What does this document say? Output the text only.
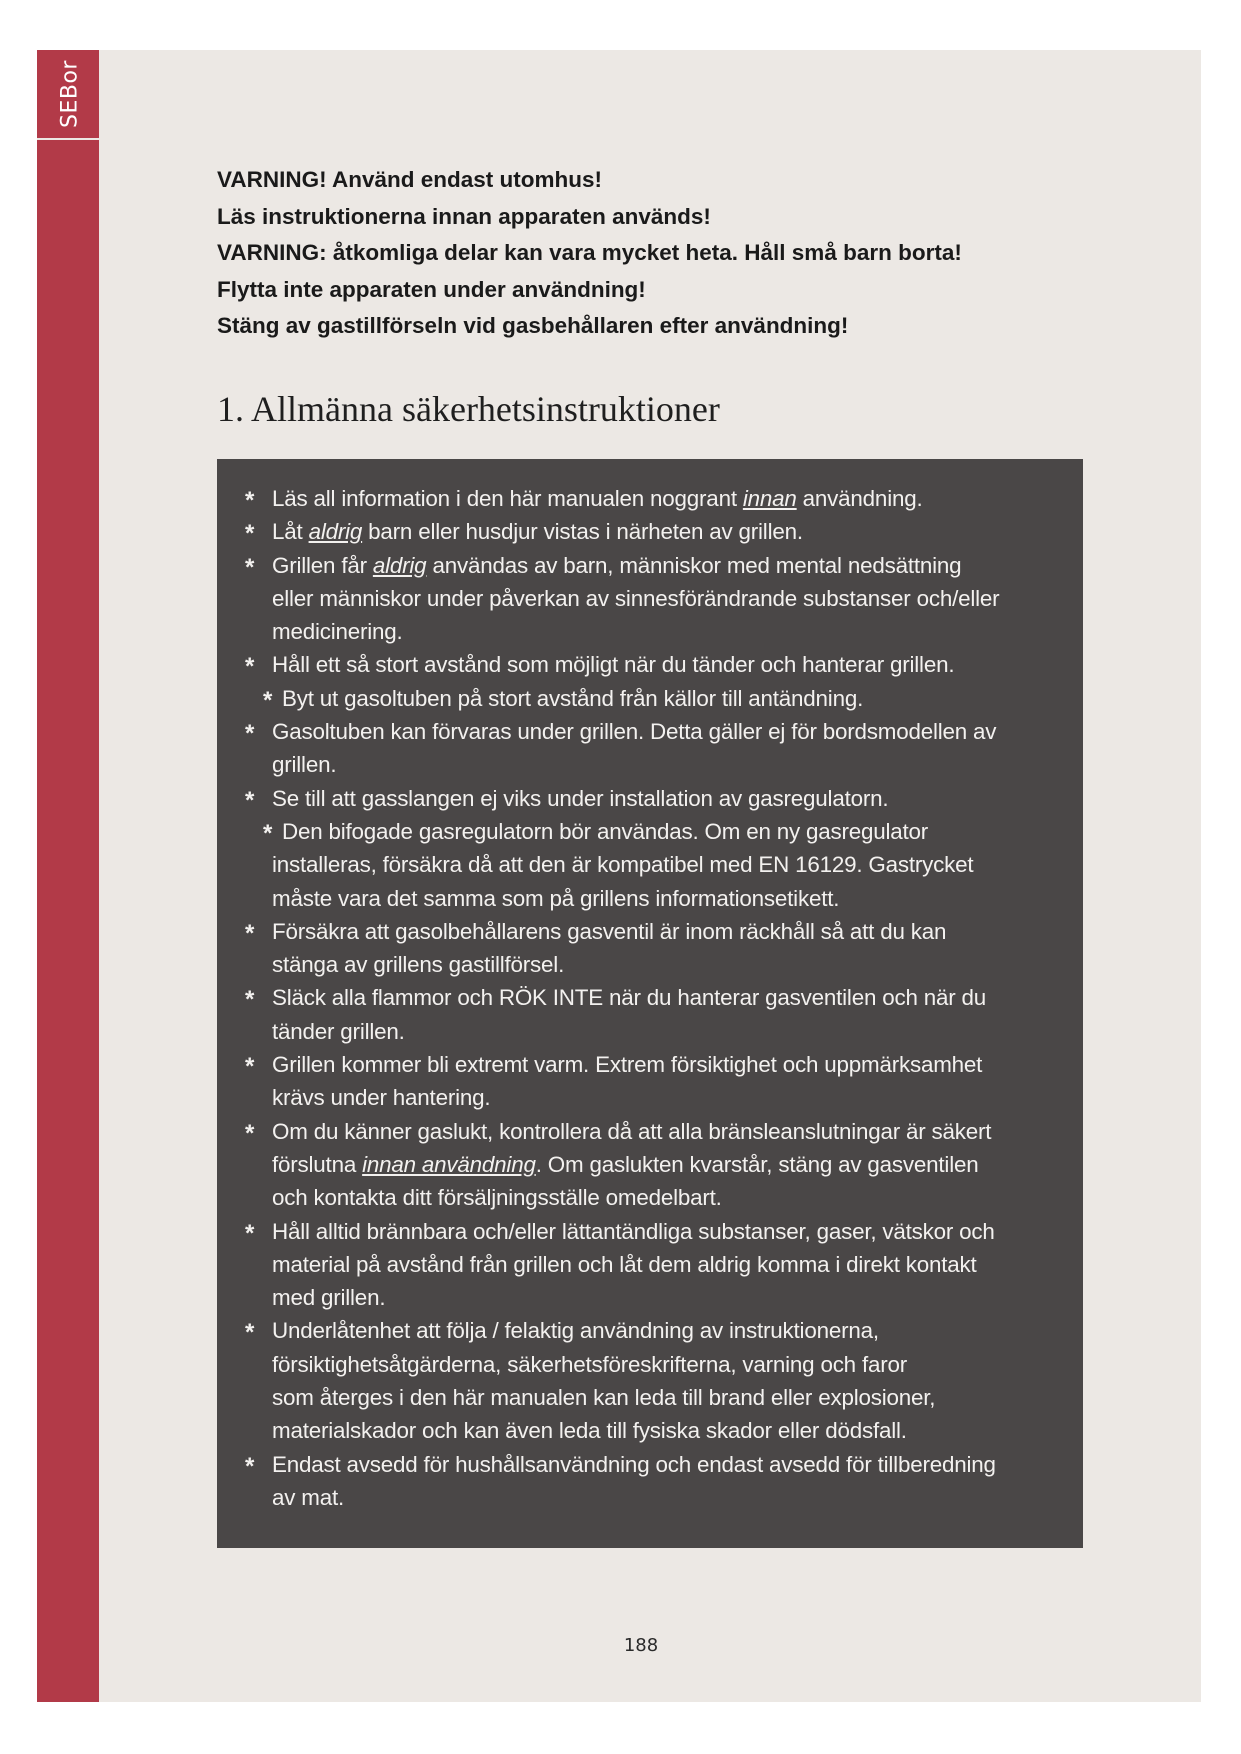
SEBor
VARNING! Använd endast utomhus!
Läs instruktionerna innan apparaten används!
VARNING: åtkomliga delar kan vara mycket heta. Håll små barn borta!
Flytta inte apparaten under användning!
Stäng av gastillförseln vid gasbehållaren efter användning!
1. Allmänna säkerhetsinstruktioner
* Läs all information i den här manualen noggrant innan användning.
* Låt aldrig barn eller husdjur vistas i närheten av grillen.
* Grillen får aldrig användas av barn, människor med mental nedsättning
eller människor under påverkan av sinnesförändrande substanser och/eller
medicinering.
* Håll ett så stort avstånd som möjligt när du tänder och hanterar grillen.
* Byt ut gasoltuben på stort avstånd från källor till antändning.
* Gasoltuben kan förvaras under grillen. Detta gäller ej för bordsmodellen av
grillen.
* Se till att gasslangen ej viks under installation av gasregulatorn.
* Den bifogade gasregulatorn bör användas. Om en ny gasregulator
installeras, försäkra då att den är kompatibel med EN 16129. Gastrycket
måste vara det samma som på grillens informationsetikett.
* Försäkra att gasolbehållarens gasventil är inom räckhåll så att du kan
stänga av grillens gastillförsel.
* Släck alla flammor och RÖK INTE när du hanterar gasventilen och när du
tänder grillen.
* Grillen kommer bli extremt varm. Extrem försiktighet och uppmärksamhet
krävs under hantering.
* Om du känner gaslukt, kontrollera då att alla bränsleanslutningar är säkert
förslutna innan användning. Om gaslukten kvarstår, stäng av gasventilen
och kontakta ditt försäljningsställe omedelbart.
* Håll alltid brännbara och/eller lättantändliga substanser, gaser, vätskor och
material på avstånd från grillen och låt dem aldrig komma i direkt kontakt
med grillen.
* Underlåtenhet att följa / felaktig användning av instruktionerna,
försiktighetsåtgärderna, säkerhetsföreskrifterna, varning och faror
som återges i den här manualen kan leda till brand eller explosioner,
materialskador och kan även leda till fysiska skador eller dödsfall.
* Endast avsedd för hushållsanvändning och endast avsedd för tillberedning
av mat.
188
